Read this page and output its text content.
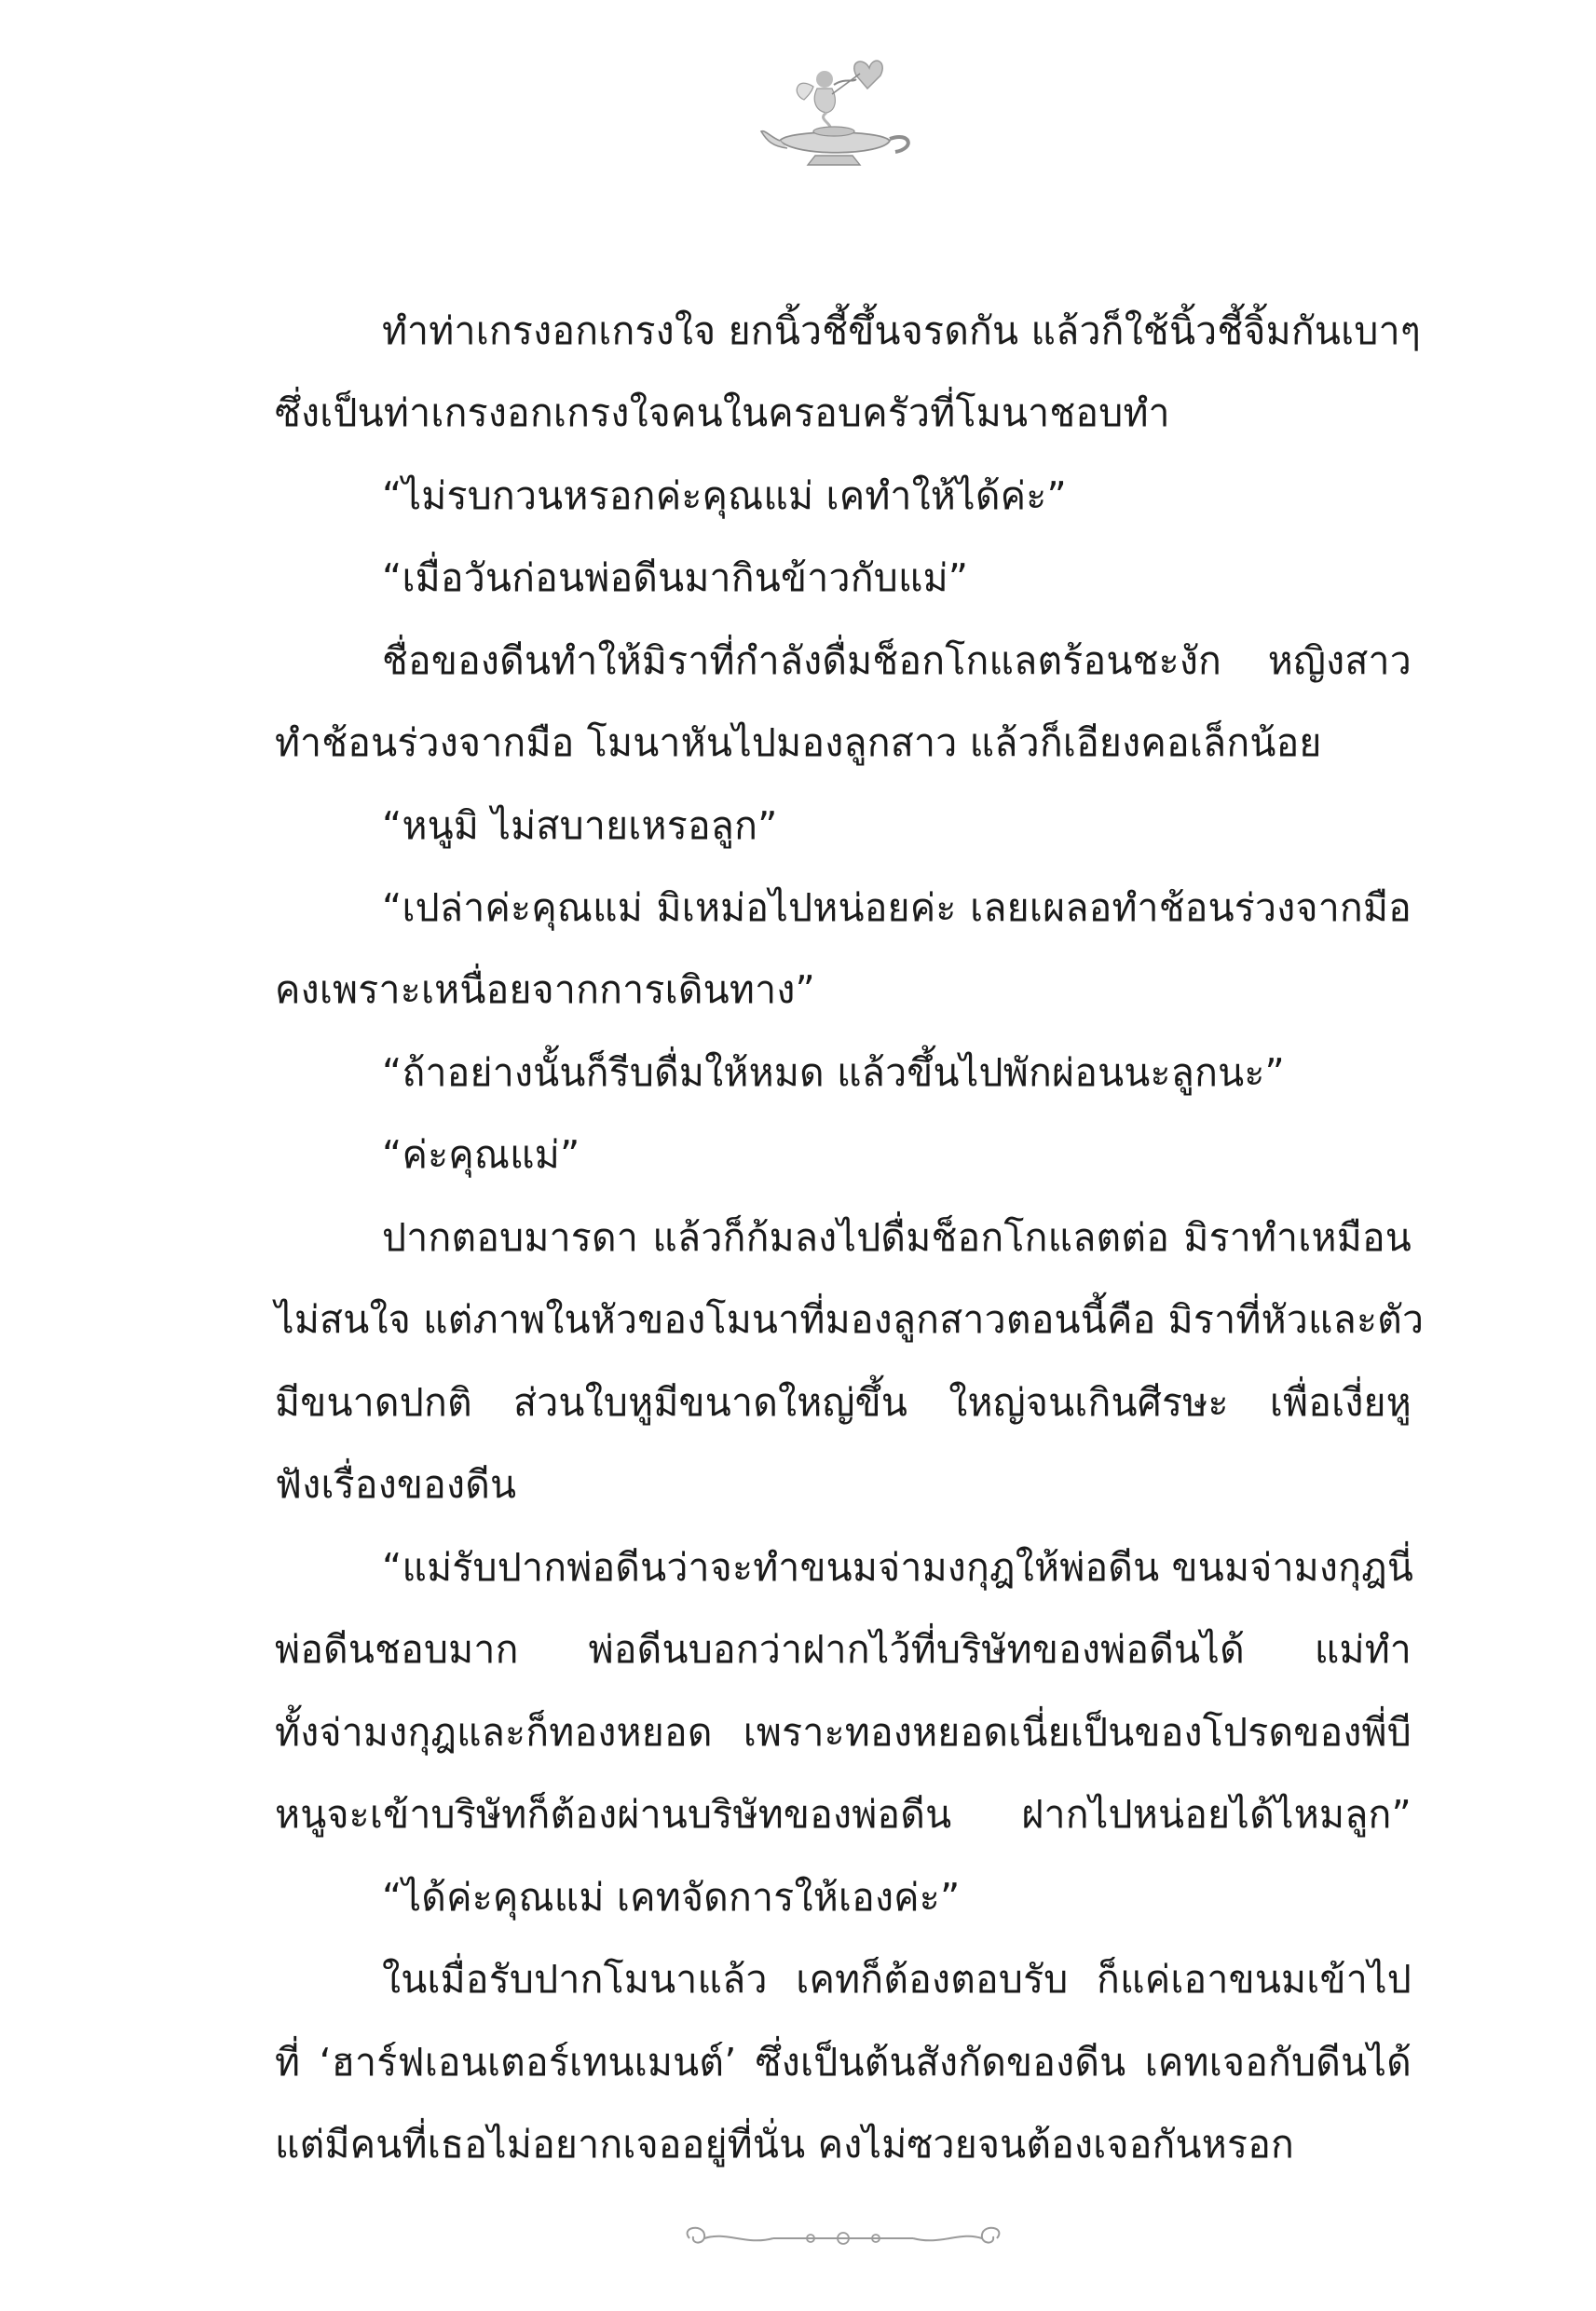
ทำท่าเกรงอกเกรงใจ ยกนิ้วชี้ขึ้นจรดกัน แล้วก็ใช้นิ้วชี้จิ้มกันเบาๆ
ซึ่งเป็นท่าเกรงอกเกรงใจคนในครอบครัวที่โมนาชอบทำ
“ไม่รบกวนหรอกค่ะคุณแม่ เคทำให้ได้ค่ะ”
“เมื่อวันก่อนพ่อดีนมากินข้าวกับแม่”
ชื่อของดีนทำให้มิราที่กำลังดื่มช็อกโกแลตร้อนชะงัก หญิงสาว
ทำช้อนร่วงจากมือ โมนาหันไปมองลูกสาว แล้วก็เอียงคอเล็กน้อย
“หนูมิ ไม่สบายเหรอลูก”
“เปล่าค่ะคุณแม่ มิเหม่อไปหน่อยค่ะ เลยเผลอทำช้อนร่วงจากมือ
คงเพราะเหนื่อยจากการเดินทาง”
“ถ้าอย่างนั้นก็รีบดื่มให้หมด แล้วขึ้นไปพักผ่อนนะลูกนะ”
“ค่ะคุณแม่”
ปากตอบมารดา แล้วก็ก้มลงไปดื่มช็อกโกแลตต่อ มิราทำเหมือน
ไม่สนใจ แต่ภาพในหัวของโมนาที่มองลูกสาวตอนนี้คือ มิราที่หัวและตัว
มีขนาดปกติ ส่วนใบหูมีขนาดใหญ่ขึ้น ใหญ่จนเกินศีรษะ เพื่อเงี่ยหู
ฟังเรื่องของดีน
“แม่รับปากพ่อดีนว่าจะทำขนมจ่ามงกุฎให้พ่อดีน ขนมจ่ามงกุฎนี่
พ่อดีนชอบมาก พ่อดีนบอกว่าฝากไว้ที่บริษัทของพ่อดีนได้ แม่ทำ
ทั้งจ่ามงกุฎและก็ทองหยอด เพราะทองหยอดเนี่ยเป็นของโปรดของพี่บี
หนูจะเข้าบริษัทก็ต้องผ่านบริษัทของพ่อดีน ฝากไปหน่อยได้ไหมลูก”
“ได้ค่ะคุณแม่ เคทจัดการให้เองค่ะ”
ในเมื่อรับปากโมนาแล้ว เคทก็ต้องตอบรับ ก็แค่เอาขนมเข้าไป
ที่ ‘ฮาร์ฟเอนเตอร์เทนเมนต์’ ซึ่งเป็นต้นสังกัดของดีน เคทเจอกับดีนได้
แต่มีคนที่เธอไม่อยากเจออยู่ที่นั่น คงไม่ซวยจนต้องเจอกันหรอก
